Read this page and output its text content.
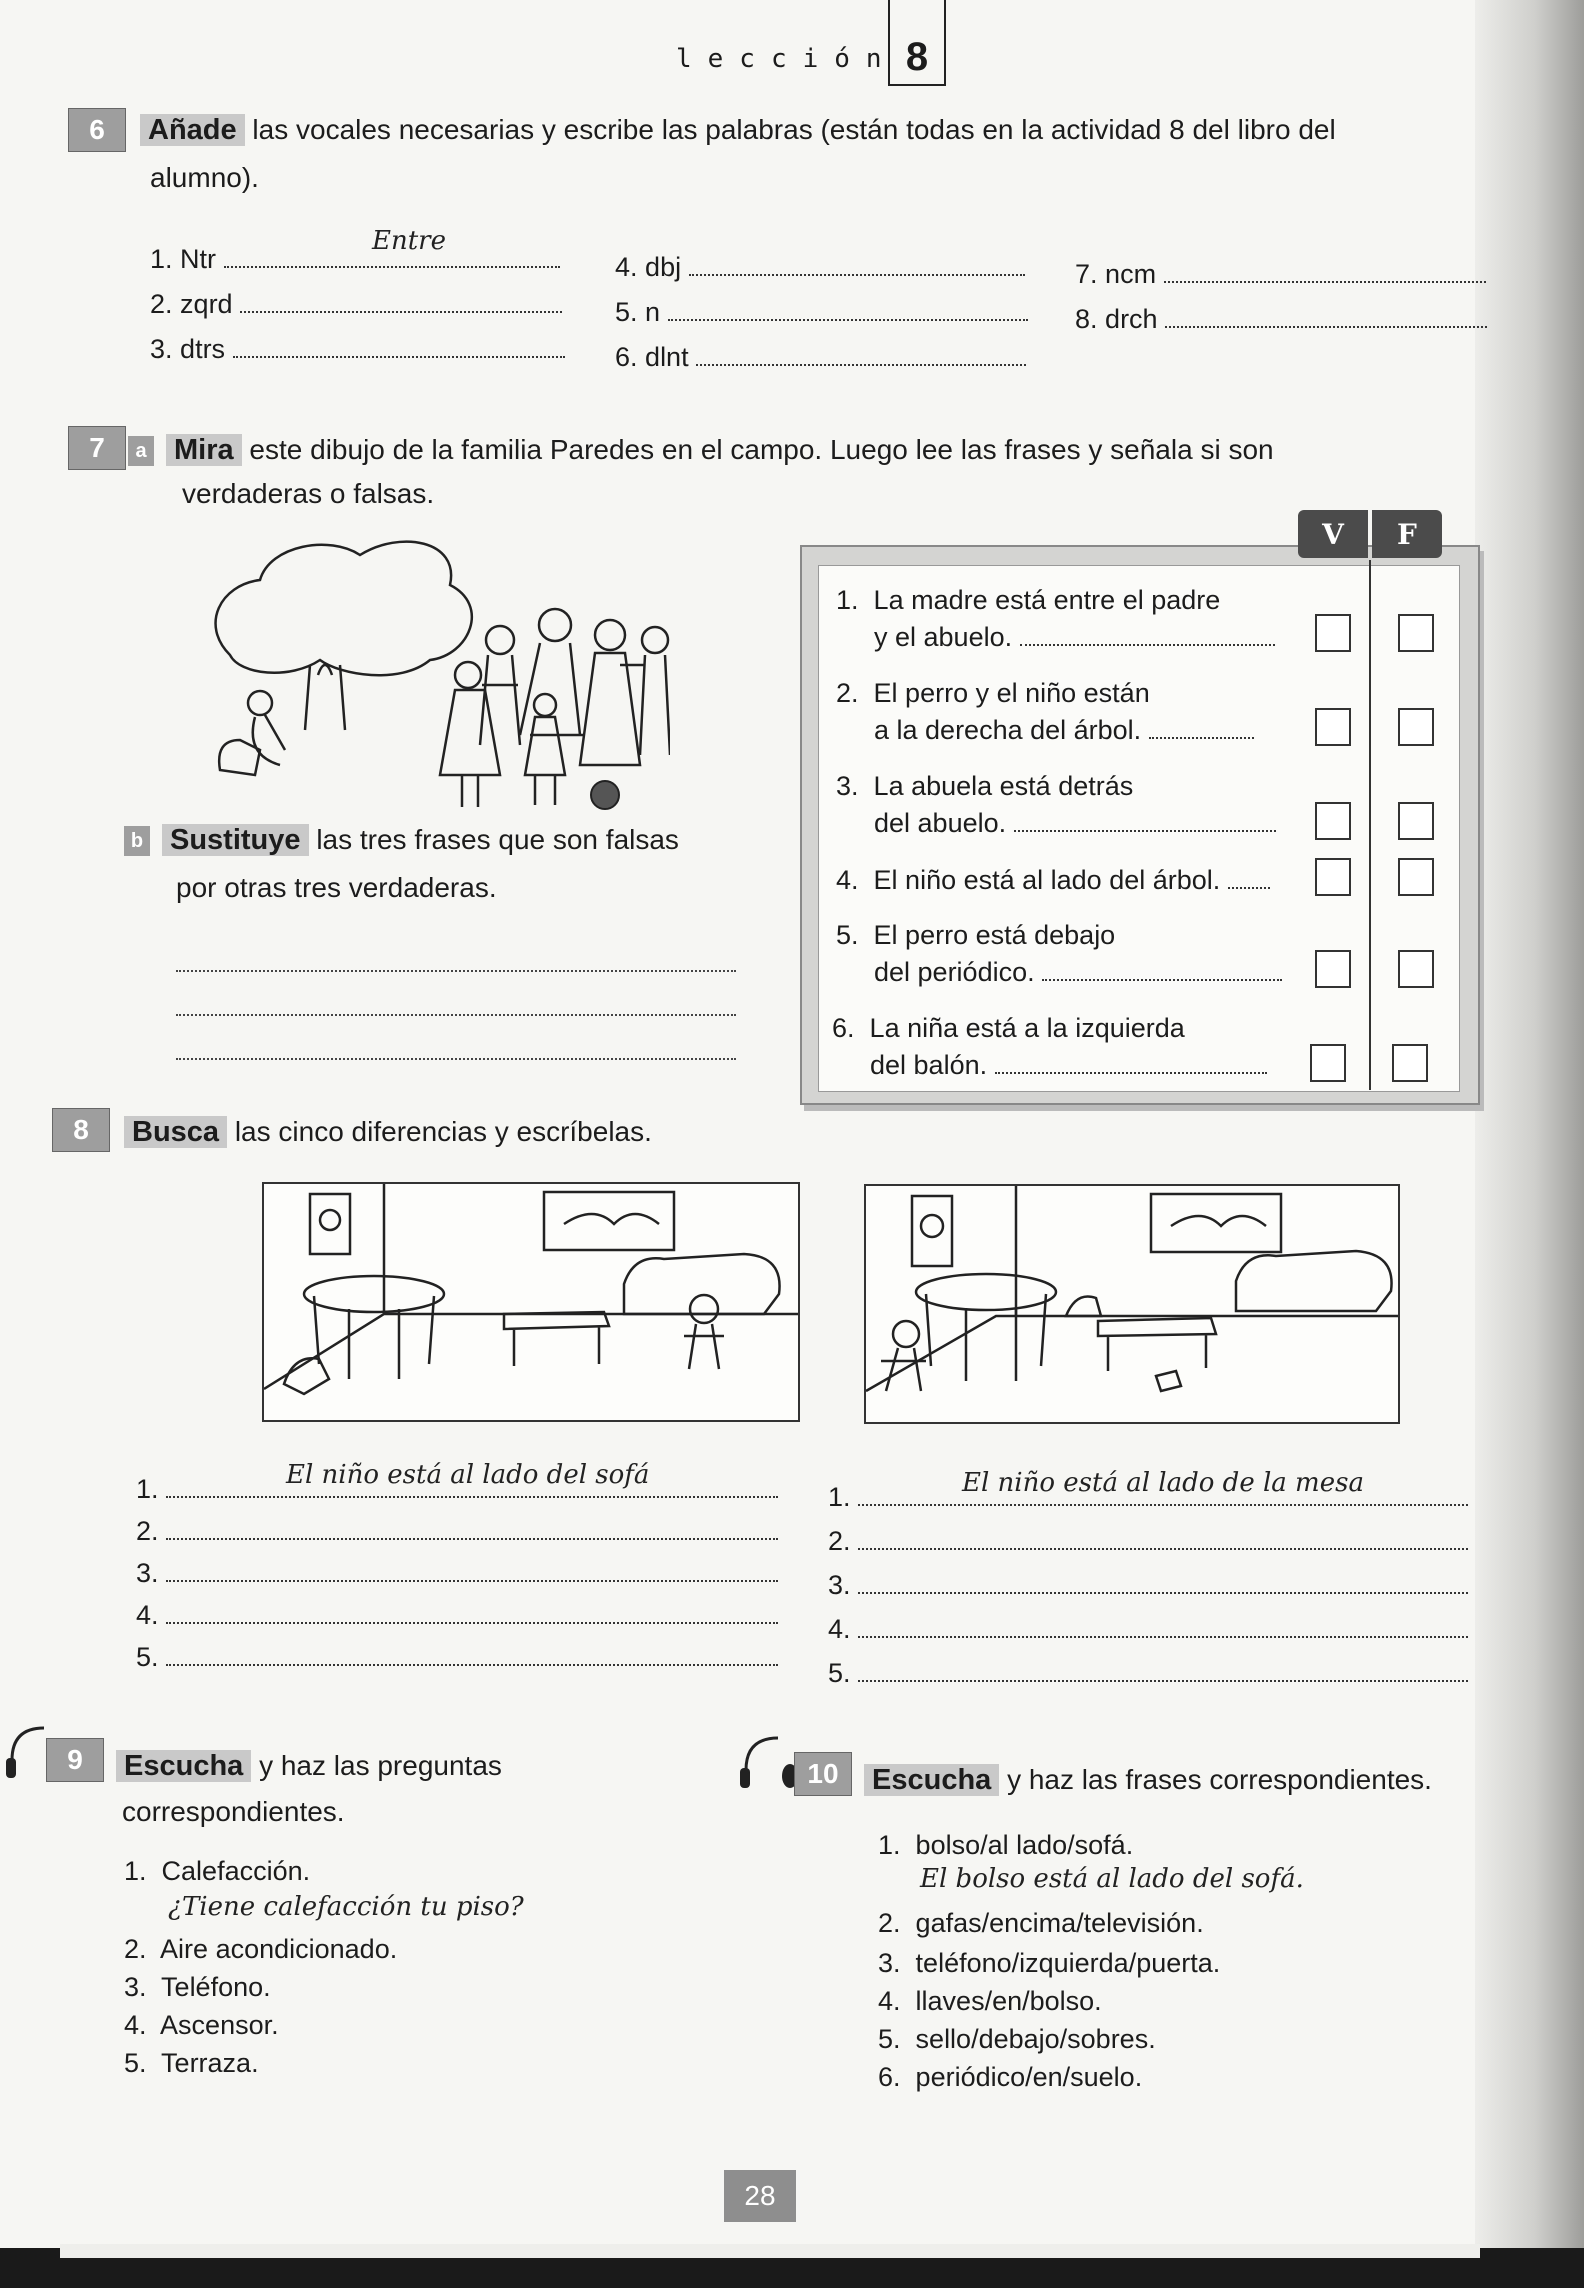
lección 8
6	Añade las vocales necesarias y escribe las palabras (están todas en la actividad 8 del libro del
alumno).
Entre
1. Ntr
2. zqrd
3. dtrs
4. dbj
5. n
6. dlnt
7. ncm
8. drch
7	a Mira este dibujo de la familia Paredes en el campo. Luego lee las frases y señala si son
verdaderas o falsas.
V	F
1. La madre está entre el padre
y el abuelo.
2. El perro y el niño están
a la derecha del árbol.
3. La abuela está detrás
del abuelo.
4. El niño está al lado del árbol.
5. El perro está debajo
del periódico.
6. La niña está a la izquierda
del balón.
b Sustituye las tres frases que son falsas
por otras tres verdaderas.
8	Busca las cinco diferencias y escríbelas.
El niño está al lado del sofá	El niño está al lado de la mesa
1.
2.
3.
4.
5.
1.
2.
3.
4.
5.
9	Escucha y haz las preguntas
correspondientes.
1. Calefacción.
¿Tiene calefacción tu piso?
2. Aire acondicionado.
3. Teléfono.
4. Ascensor.
5. Terraza.
10	Escucha y haz las frases correspondientes.
1. bolso/al lado/sofá.
El bolso está al lado del sofá.
2. gafas/encima/televisión.
3. teléfono/izquierda/puerta.
4. llaves/en/bolso.
5. sello/debajo/sobres.
6. periódico/en/suelo.
28
